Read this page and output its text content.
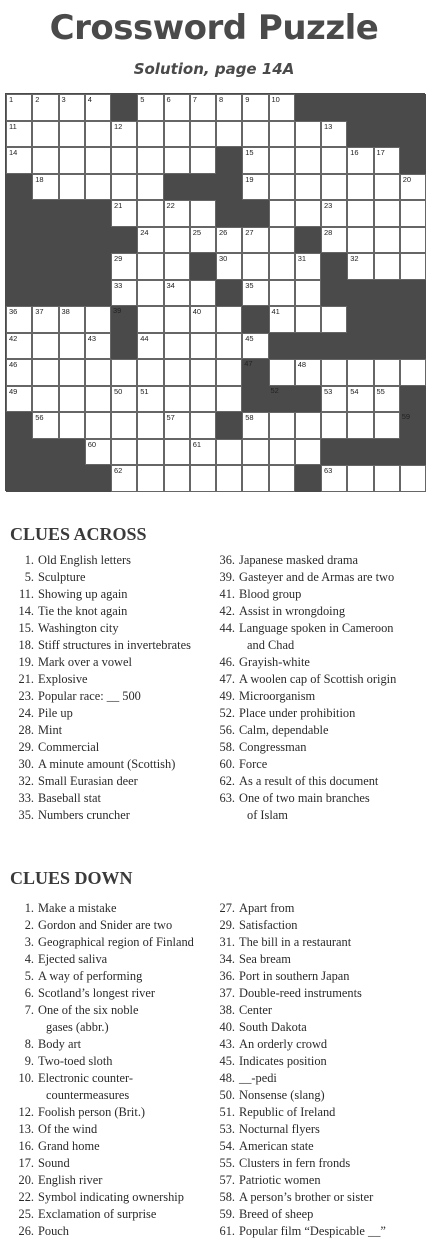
Crossword Puzzle
Solution, page 14A
1	2	3	4	5	6	7	8	9	10
11	12	13
14	15	16 17
18	19	20
21	22	23
24	25 26 27	28
29	30	31	32
33	34	35
36 37 38	39	40	41
42	43	44	45
46	47	48
49	50 51	52	53 54 55
56	57	58	59
60	61
62	63
CLUES ACROSS
1. Old English letters
5. Sculpture
11. Showing up again
14. Tie the knot again
15. Washington city
18. Stiff structures in invertebrates
19. Mark over a vowel
21. Explosive
23. Popular race: __ 500
24. Pile up
28. Mint
29. Commercial
30. A minute amount (Scottish)
32. Small Eurasian deer
33. Baseball stat
35. Numbers cruncher
36. Japanese masked drama
39. Gasteyer and de Armas are two
41. Blood group
42. Assist in wrongdoing
44. Language spoken in Cameroon
and Chad
46. Grayish-white
47. A woolen cap of Scottish origin
49. Microorganism
52. Place under prohibition
56. Calm, dependable
58. Congressman
60. Force
62. As a result of this document
63. One of two main branches
of Islam
CLUES DOWN
1. Make a mistake
2. Gordon and Snider are two
3. Geographical region of Finland
4. Ejected saliva
5. A way of performing
6. Scotland’s longest river
7. One of the six noble
gases (abbr.)
8. Body art
9. Two-toed sloth
10. Electronic counter-
countermeasures
12. Foolish person (Brit.)
13. Of the wind
16. Grand home
17. Sound
20. English river
22. Symbol indicating ownership
25. Exclamation of surprise
26. Pouch
27. Apart from
29. Satisfaction
31. The bill in a restaurant
34. Sea bream
36. Port in southern Japan
37. Double-reed instruments
38. Center
40. South Dakota
43. An orderly crowd
45. Indicates position
48. __-pedi
50. Nonsense (slang)
51. Republic of Ireland
53. Nocturnal flyers
54. American state
55. Clusters in fern fronds
57. Patriotic women
58. A person’s brother or sister
59. Breed of sheep
61. Popular film “Despicable __”
